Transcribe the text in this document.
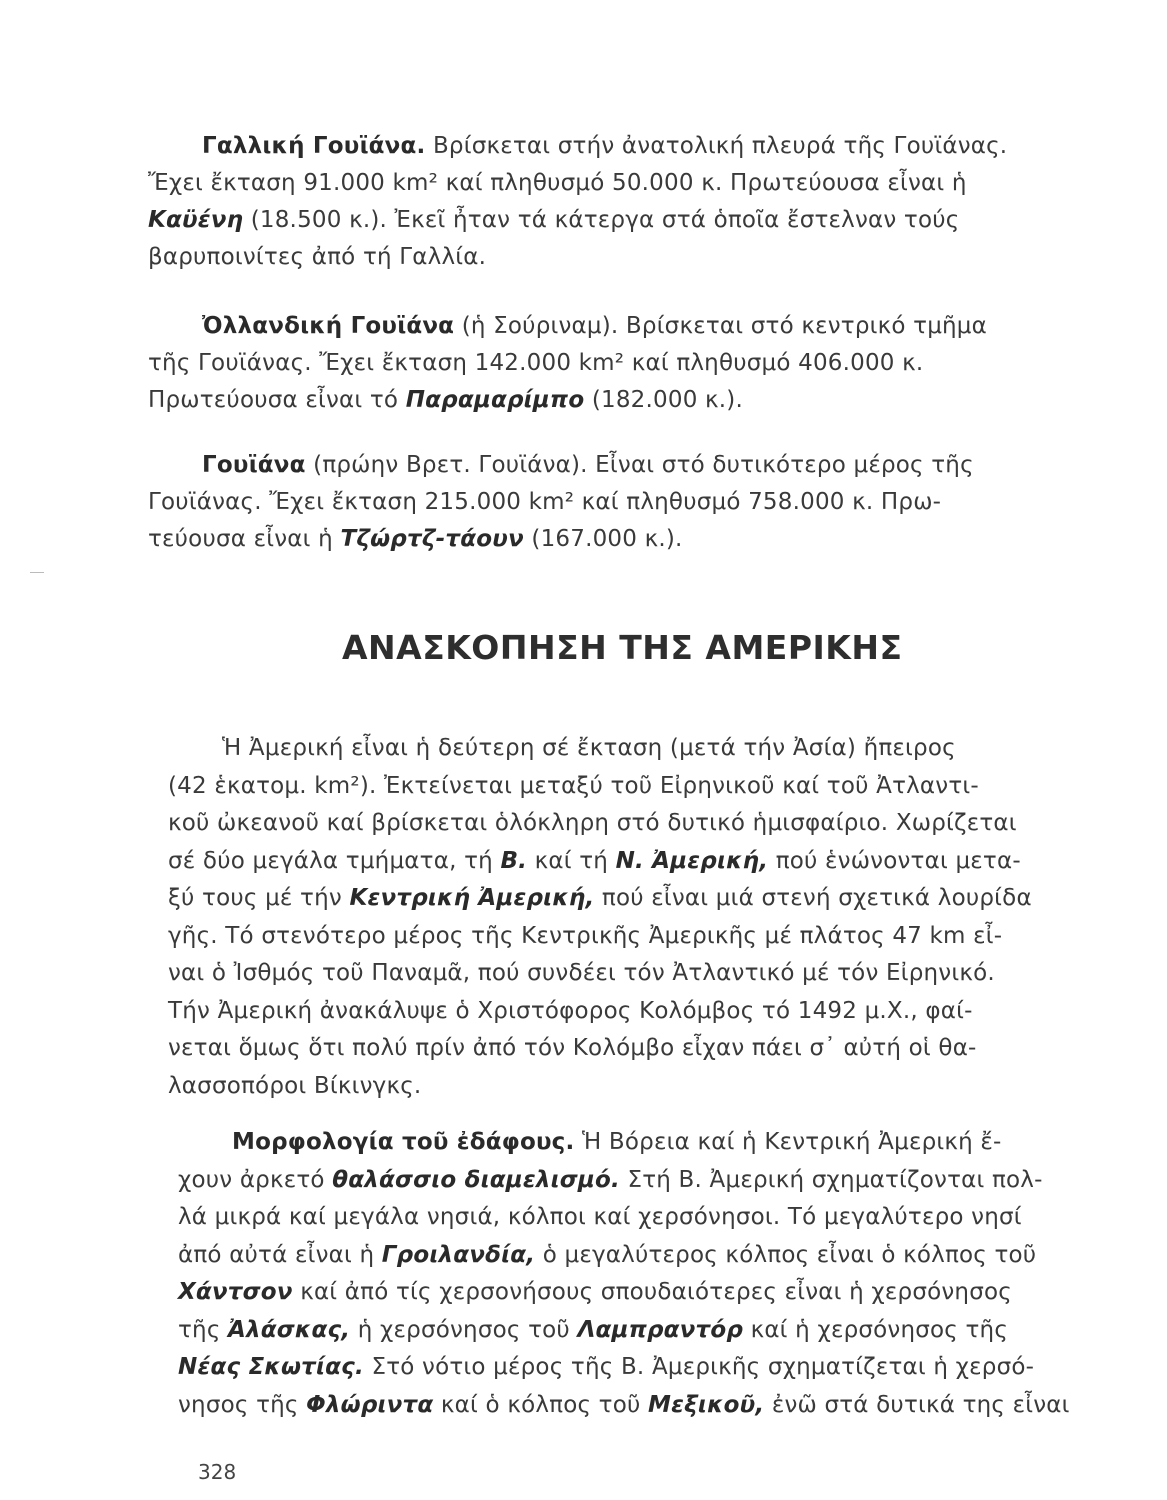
Γαλλική Γουϊάνα. Βρίσκεται στήν ἀνατολική πλευρά τῆς Γουϊάνας.
Ἔχει ἔκταση 91.000 km² καί πληθυσμό 50.000 κ. Πρωτεύουσα εἶναι ἡ
Καϋένη (18.500 κ.). Ἐκεῖ ἦταν τά κάτεργα στά ὁποῖα ἔστελναν τούς
βαρυποινίτες ἀπό τή Γαλλία.
Ὀλλανδική Γουϊάνα (ἡ Σούριναμ). Βρίσκεται στό κεντρικό τμῆμα
τῆς Γουϊάνας. Ἔχει ἔκταση 142.000 km² καί πληθυσμό 406.000 κ.
Πρωτεύουσα εἶναι τό Παραμαρίμπο (182.000 κ.).
Γουϊάνα (πρώην Βρετ. Γουϊάνα). Εἶναι στό δυτικότερο μέρος τῆς
Γουϊάνας. Ἔχει ἔκταση 215.000 km² καί πληθυσμό 758.000 κ. Πρω-
τεύουσα εἶναι ἡ Τζώρτζ-τάουν (167.000 κ.).
ΑΝΑΣΚΟΠΗΣΗ ΤΗΣ ΑΜΕΡΙΚΗΣ
Ἡ Ἀμερική εἶναι ἡ δεύτερη σέ ἔκταση (μετά τήν Ἀσία) ἤπειρος
(42 ἑκατομ. km²). Ἐκτείνεται μεταξύ τοῦ Εἰρηνικοῦ καί τοῦ Ἀτλαντι-
κοῦ ὠκεανοῦ καί βρίσκεται ὁλόκληρη στό δυτικό ἡμισφαίριο. Χωρίζεται
σέ δύο μεγάλα τμήματα, τή Β. καί τή Ν. Ἀμερική, πού ἑνώνονται μετα-
ξύ τους μέ τήν Κεντρική Ἀμερική, πού εἶναι μιά στενή σχετικά λουρίδα
γῆς. Τό στενότερο μέρος τῆς Κεντρικῆς Ἀμερικῆς μέ πλάτος 47 km εἶ-
ναι ὁ Ἰσθμός τοῦ Παναμᾶ, πού συνδέει τόν Ἀτλαντικό μέ τόν Εἰρηνικό.
Τήν Ἀμερική ἀνακάλυψε ὁ Χριστόφορος Κολόμβος τό 1492 μ.Χ., φαί-
νεται ὅμως ὅτι πολύ πρίν ἀπό τόν Κολόμβο εἶχαν πάει σ᾿ αὐτή οἱ θα-
λασσοπόροι Βίκινγκς.
Μορφολογία τοῦ ἐδάφους. Ἡ Βόρεια καί ἡ Κεντρική Ἀμερική ἔ-
χουν ἀρκετό θαλάσσιο διαμελισμό. Στή Β. Ἀμερική σχηματίζονται πολ-
λά μικρά καί μεγάλα νησιά, κόλποι καί χερσόνησοι. Τό μεγαλύτερο νησί
ἀπό αὐτά εἶναι ἡ Γροιλανδία, ὁ μεγαλύτερος κόλπος εἶναι ὁ κόλπος τοῦ
Χάντσον καί ἀπό τίς χερσονήσους σπουδαιότερες εἶναι ἡ χερσόνησος
τῆς Ἀλάσκας, ἡ χερσόνησος τοῦ Λαμπραντόρ καί ἡ χερσόνησος τῆς
Νέας Σκωτίας. Στό νότιο μέρος τῆς Β. Ἀμερικῆς σχηματίζεται ἡ χερσό-
νησος τῆς Φλώριντα καί ὁ κόλπος τοῦ Μεξικοῦ, ἐνῶ στά δυτικά της εἶναι
328
